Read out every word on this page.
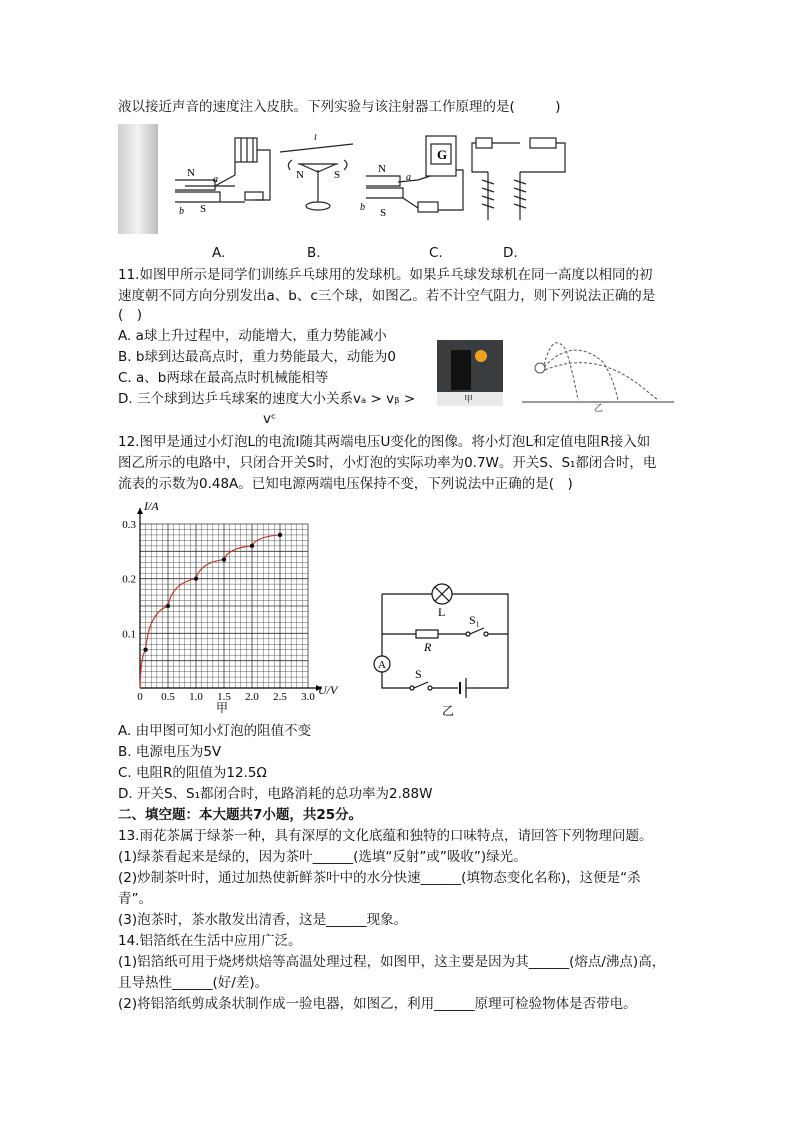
液以接近声音的速度注入皮肤。下列实验与该注射器工作原理的是(　　　)
N
S
a
b
l
N	S
G
N
S
a
b
A.	B.	C.	D.
11.如图甲所示是同学们训练乒乓球用的发球机。如果乒乓球发球机在同一高度以相同的初
速度朝不同方向分别发出a、b、c三个球，如图乙。若不计空气阻力，则下列说法正确的是
(　)
A. a球上升过程中，动能增大，重力势能减小
B. b球到达最高点时，重力势能最大，动能为0
C. a、b两球在最高点时机械能相等
D. 三个球到达乒乓球案的速度大小关系vₐ > vᵦ >
vᶜ
甲
乙
12.图甲是通过小灯泡L的电流I随其两端电压U变化的图像。将小灯泡L和定值电阻R接入如
图乙所示的电路中，只闭合开关S时，小灯泡的实际功率为0.7W。开关S、S₁都闭合时，电
流表的示数为0.48A。已知电源两端电压保持不变，下列说法中正确的是(　)
0 0.5 1.0 1.5 2.0 2.5 3.0
0.1
0.2
0.3
I/A
U/V
甲
L
R
S₁
S
A
乙
A. 由甲图可知小灯泡的阻值不变
B. 电源电压为5V
C. 电阻R的阻值为12.5Ω
D. 开关S、S₁都闭合时，电路消耗的总功率为2.88W
二、填空题：本大题共7小题，共25分。
13.雨花茶属于绿茶一种，具有深厚的文化底蕴和独特的口味特点，请回答下列物理问题。
(1)绿茶看起来是绿的，因为茶叶______(选填“反射”或”吸收”)绿光。
(2)炒制茶叶时，通过加热使新鲜茶叶中的水分快速______(填物态变化名称)，这便是“杀
青”。
(3)泡茶时，茶水散发出清香，这是______现象。
14.铝箔纸在生活中应用广泛。
(1)铝箔纸可用于烧烤烘焙等高温处理过程，如图甲，这主要是因为其______(熔点/沸点)高，
且导热性______(好/差)。
(2)将铝箔纸剪成条状制作成一验电器，如图乙，利用______原理可检验物体是否带电。
